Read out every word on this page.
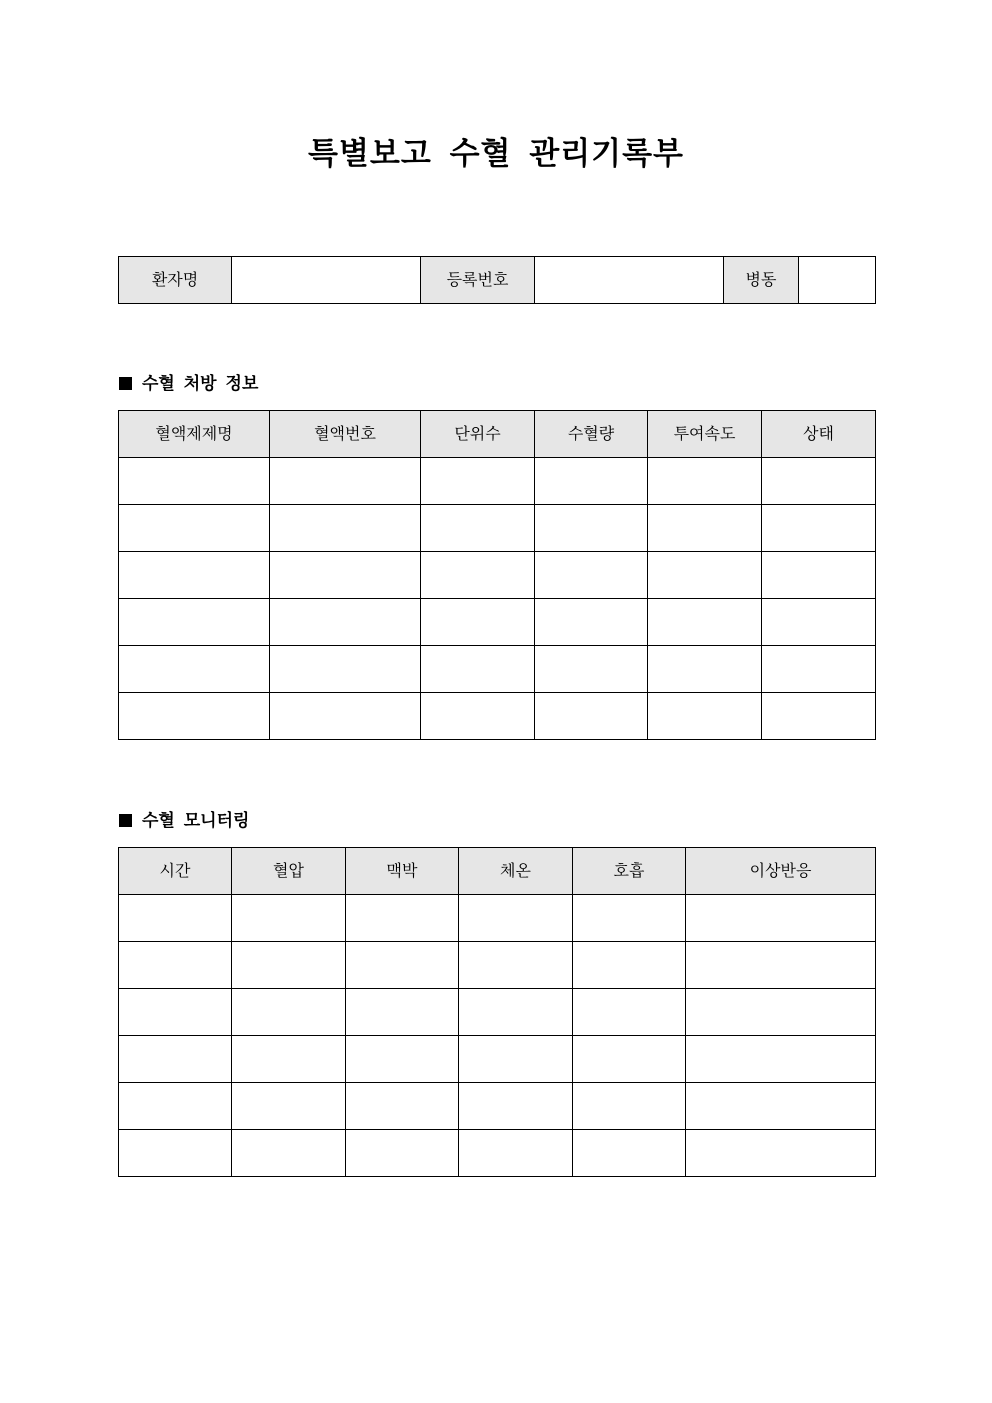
특별보고 수혈 관리기록부
환자명		등록번호		병동	
수혈 처방 정보
혈액제제명	혈액번호	단위수	수혈량	투여속도	상태

수혈 모니터링
시간	혈압	맥박	체온	호흡	이상반응
